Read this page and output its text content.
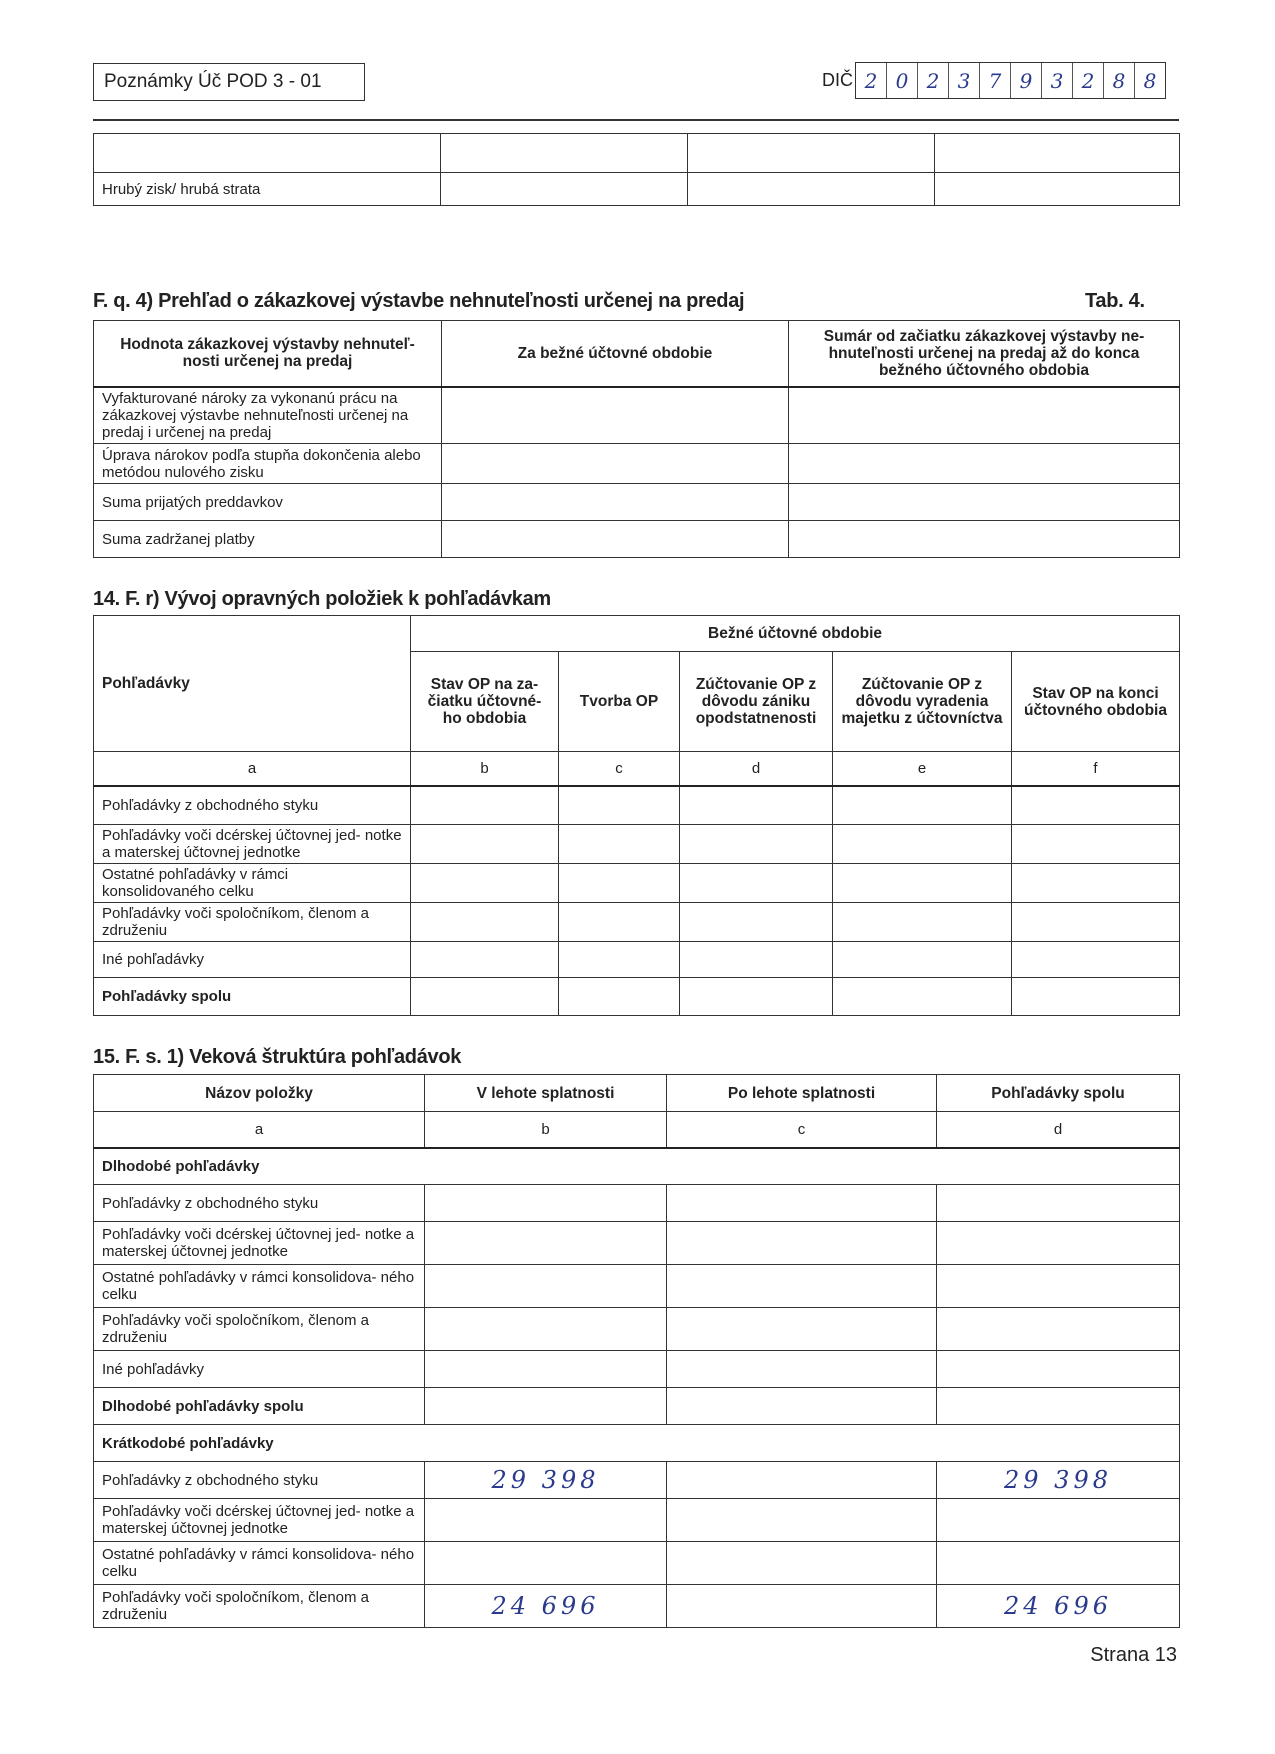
Poznámky Úč POD 3 - 01	DIČ 2 0 2 3 7 9 3 2 8 8

Hrubý zisk/ hrubá strata			
F. q. 4) Prehľad o zákazkovej výstavbe nehnuteľnosti určenej na predaj	Tab. 4.
Hodnota zákazkovej výstavby nehnuteľ- nosti určenej na predaj	Za bežné účtovné obdobie	Sumár od začiatku zákazkovej výstavby ne- hnuteľnosti určenej na predaj až do konca bežného účtovného obdobia
Vyfakturované nároky za vykonanú prácu na zákazkovej výstavbe nehnuteľnosti určenej na predaj i určenej na predaj		
Úprava nárokov podľa stupňa dokončenia alebo metódou nulového zisku		
Suma prijatých preddavkov		
Suma zadržanej platby		
14. F. r) Vývoj opravných položiek k pohľadávkam
Pohľadávky	Bežné účtovné obdobie				
	Stav OP na za- čiatku účtovné- ho obdobia	Tvorba OP	Zúčtovanie OP z dôvodu zániku opodstatnenosti	Zúčtovanie OP z dôvodu vyradenia majetku z účtovníctva	Stav OP na konci účtovného obdobia
a	b	c	d	e	f
Pohľadávky z obchodného styku					
Pohľadávky voči dcérskej účtovnej jed- notke a materskej účtovnej jednotke					
Ostatné pohľadávky v rámci konsolidovaného celku					
Pohľadávky voči spoločníkom, členom a združeniu					
Iné pohľadávky					
Pohľadávky spolu					
15. F. s. 1) Veková štruktúra pohľadávok
Názov položky	V lehote splatnosti	Po lehote splatnosti	Pohľadávky spolu
a	b	c	d
Dlhodobé pohľadávky			
Pohľadávky z obchodného styku			
Pohľadávky voči dcérskej účtovnej jed- notke a materskej účtovnej jednotke			
Ostatné pohľadávky v rámci konsolidova- ného celku			
Pohľadávky voči spoločníkom, členom a združeniu			
Iné pohľadávky			
Dlhodobé pohľadávky spolu			
Krátkodobé pohľadávky			
Pohľadávky z obchodného styku	29 398		29 398
Pohľadávky voči dcérskej účtovnej jed- notke a materskej účtovnej jednotke			
Ostatné pohľadávky v rámci konsolidova- ného celku			
Pohľadávky voči spoločníkom, členom a združeniu	24 696		24 696
Strana 13
